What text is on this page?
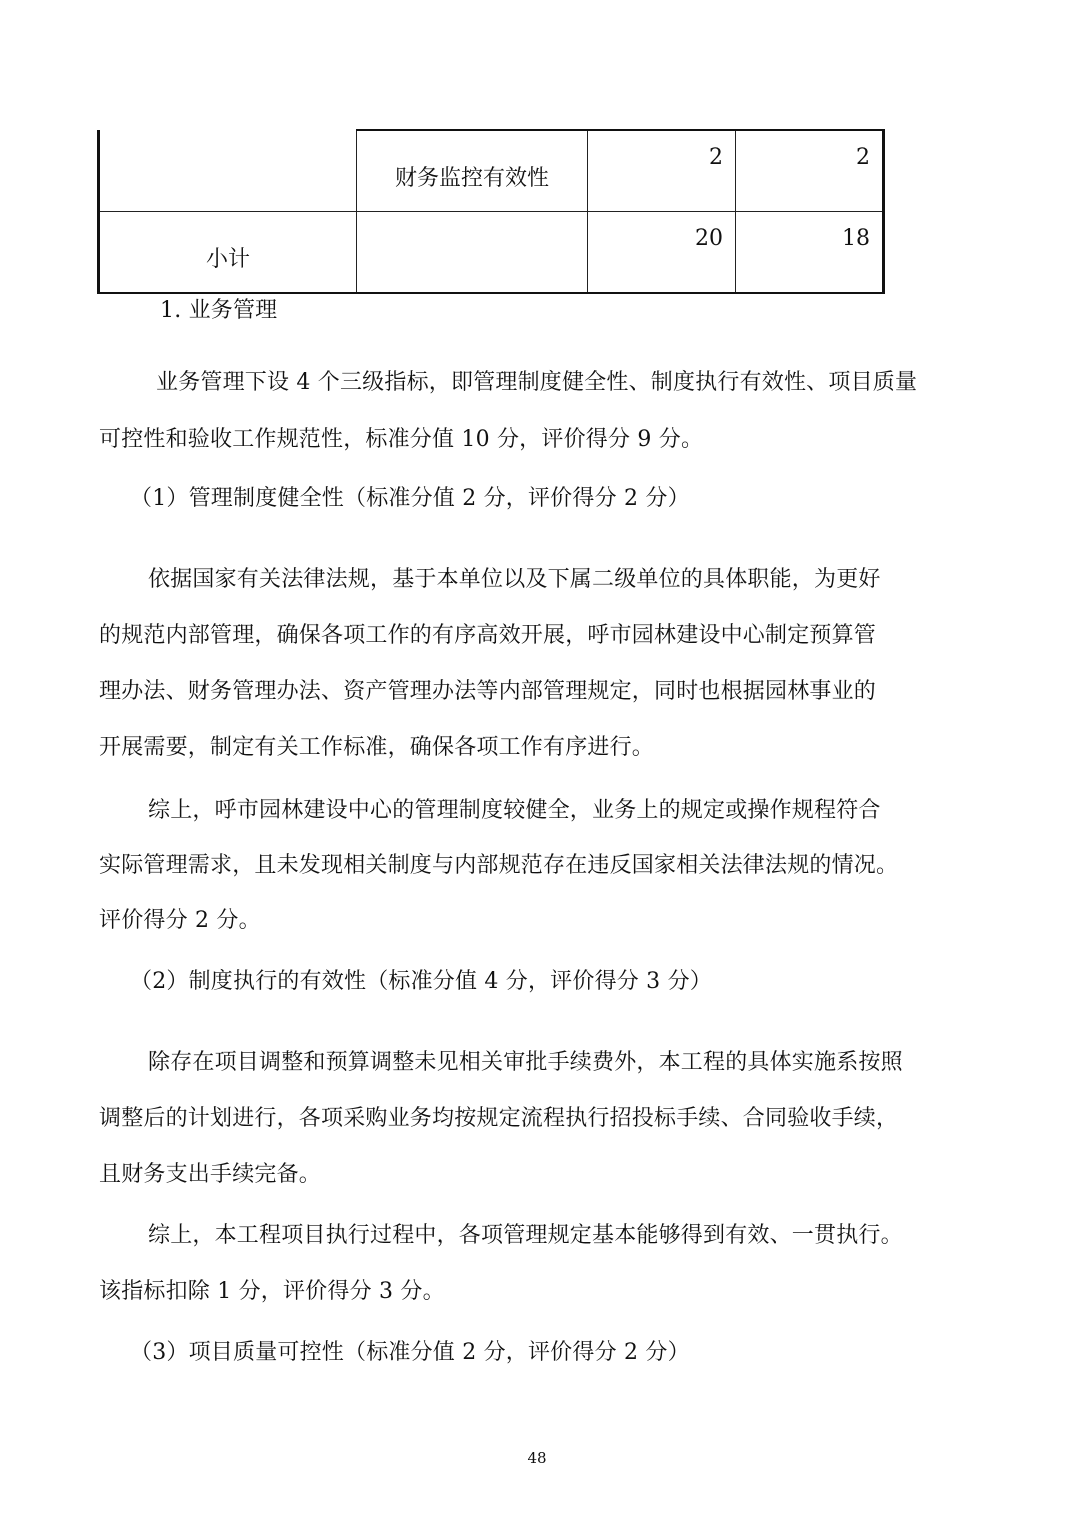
	财务监控有效性	2	2
小计		20	18
1. 业务管理
业务管理下设 4 个三级指标，即管理制度健全性、制度执行有效性、项目质量
可控性和验收工作规范性，标准分值 10 分，评价得分 9 分。
（1）管理制度健全性（标准分值 2 分，评价得分 2 分）
依据国家有关法律法规，基于本单位以及下属二级单位的具体职能，为更好
的规范内部管理，确保各项工作的有序高效开展，呼市园林建设中心制定预算管
理办法、财务管理办法、资产管理办法等内部管理规定，同时也根据园林事业的
开展需要，制定有关工作标准，确保各项工作有序进行。
综上，呼市园林建设中心的管理制度较健全，业务上的规定或操作规程符合
实际管理需求，且未发现相关制度与内部规范存在违反国家相关法律法规的情况。
评价得分 2 分。
（2）制度执行的有效性（标准分值 4 分，评价得分 3 分）
除存在项目调整和预算调整未见相关审批手续费外，本工程的具体实施系按照
调整后的计划进行，各项采购业务均按规定流程执行招投标手续、合同验收手续，
且财务支出手续完备。
综上，本工程项目执行过程中，各项管理规定基本能够得到有效、一贯执行。
该指标扣除 1 分，评价得分 3 分。
（3）项目质量可控性（标准分值 2 分，评价得分 2 分）
48
